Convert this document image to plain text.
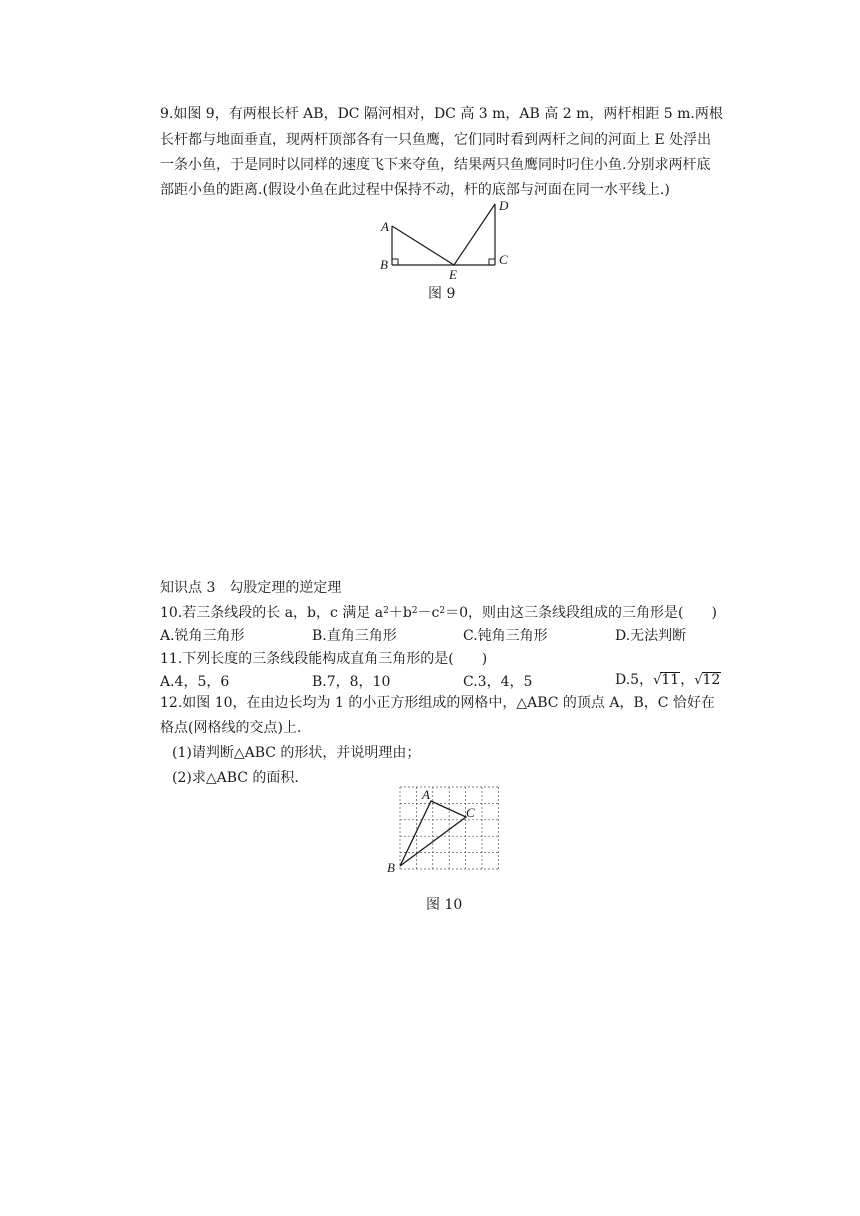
9.如图 9，有两根长杆 AB，DC 隔河相对，DC 高 3 m，AB 高 2 m，两杆相距 5 m.两根
长杆都与地面垂直，现两杆顶部各有一只鱼鹰，它们同时看到两杆之间的河面上 E 处浮出
一条小鱼，于是同时以同样的速度飞下来夺鱼，结果两只鱼鹰同时叼住小鱼.分别求两杆底
部距小鱼的距离.(假设小鱼在此过程中保持不动，杆的底部与河面在同一水平线上.)
A
B	C
D
E
图 9
知识点 3　勾股定理的逆定理
10.若三条线段的长 a，b，c 满足 $a^2+b^2-c^2=0$，则由这三条线段组成的三角形是(　　)
A.锐角三角形	B.直角三角形	C.钝角三角形	D.无法判断
11.下列长度的三条线段能构成直角三角形的是(　　)
A.4，5，6	B.7，8，10	C.3，4，5	D.5，√11，√12
12.如图 10，在由边长均为 1 的小正方形组成的网格中，△ABC 的顶点 A，B，C 恰好在
格点(网格线的交点)上.
(1)请判断△ABC 的形状，并说明理由；
(2)求△ABC 的面积.
A
B
C
图 10
